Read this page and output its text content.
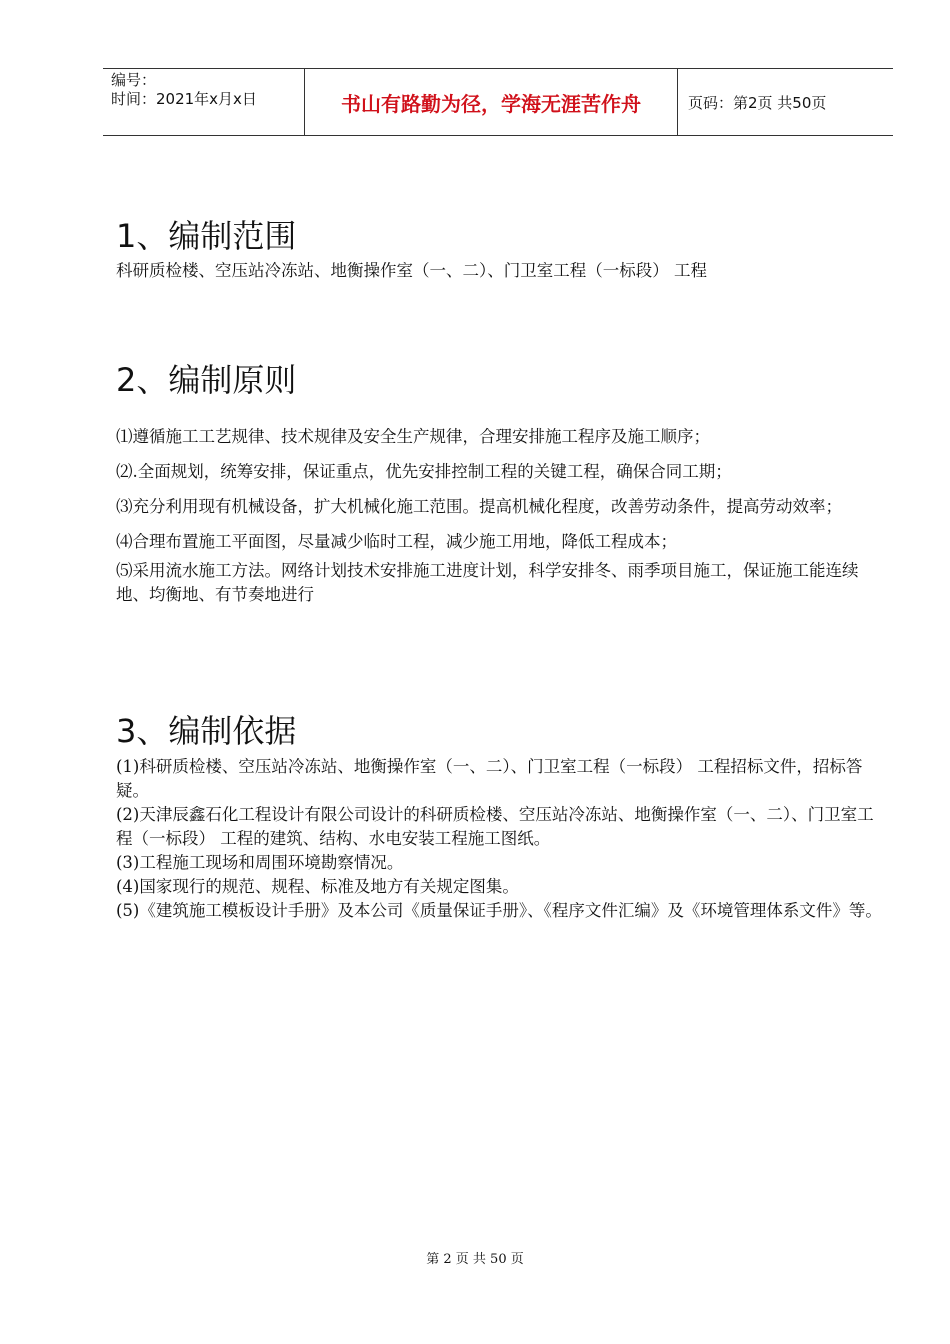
编号：
时间：2021年x月x日	书山有路勤为径，学海无涯苦作舟	页码：第2页 共50页
1、编制范围

科研质检楼、空压站冷冻站、地衡操作室（一、二）、门卫室工程（一标段） 工程

2、编制原则

⑴遵循施工工艺规律、技术规律及安全生产规律，合理安排施工程序及施工顺序；

⑵.全面规划，统筹安排，保证重点，优先安排控制工程的关键工程，确保合同工期；

⑶充分利用现有机械设备，扩大机械化施工范围。提高机械化程度，改善劳动条件，提高劳动效率；

⑷合理布置施工平面图，尽量减少临时工程，减少施工用地，降低工程成本；

⑸采用流水施工方法。网络计划技术安排施工进度计划，科学安排冬、雨季项目施工，保证施工能连续地、均衡地、有节奏地进行

3、编制依据

(1)科研质检楼、空压站冷冻站、地衡操作室（一、二）、门卫室工程（一标段） 工程招标文件，招标答疑。

(2)天津辰鑫石化工程设计有限公司设计的科研质检楼、空压站冷冻站、地衡操作室（一、二）、门卫室工程（一标段） 工程的建筑、结构、水电安装工程施工图纸。

(3)工程施工现场和周围环境勘察情况。

(4)国家现行的规范、规程、标准及地方有关规定图集。

(5)《建筑施工模板设计手册》及本公司《质量保证手册》、《程序文件汇编》及《环境管理体系文件》等。

第 2 页 共 50 页
